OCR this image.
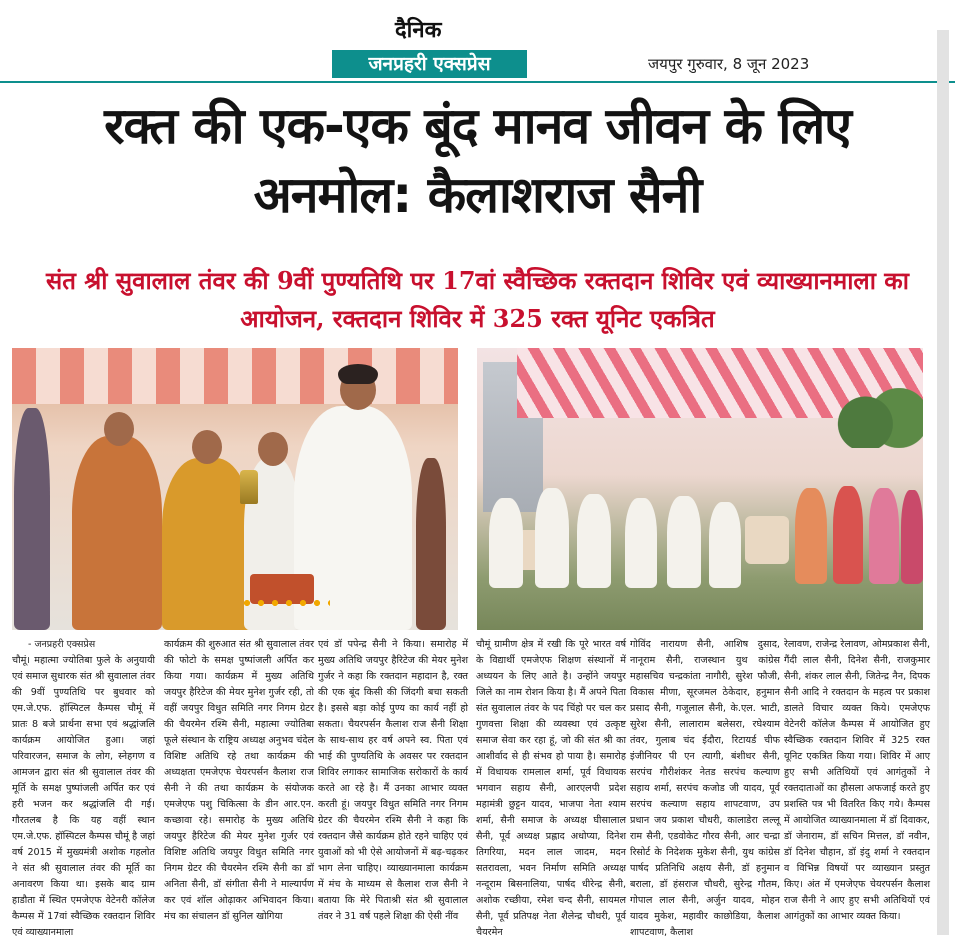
दैनिक
जनप्रहरी एक्सप्रेस	जयपुर गुरुवार, 8 जून 2023
रक्त की एक-एक बूंद मानव जीवन के लिए अनमोल: कैलाशराज सैनी
संत श्री सुवालाल तंवर की 9वीं पुण्यतिथि पर 17वां स्वैच्छिक रक्तदान शिविर एवं व्याख्यानमाला का आयोजन, रक्तदान शिविर में 325 रक्त यूनिट एकत्रित
- जनप्रहरी एक्सप्रेस
चौमूं। महात्मा ज्योतिबा फुले के अनुयायी एवं समाज सुधारक संत श्री सुवालाल तंवर की 9वीं पुण्यतिथि पर बुधवार को एम.जे.एफ. हॉस्पिटल कैम्पस चौमूं में प्रातः 8 बजे प्रार्थना सभा एवं श्रद्धांजलि कार्यक्रम आयोजित हुआ। जहां परिवारजन, समाज के लोग, स्नेहगण व आमजन द्वारा संत श्री सुवालाल तंवर की मूर्ति के समक्ष पुष्पांजली अर्पित कर एवं हरी भजन कर श्रद्धांजलि दी गई। गौरतलब है कि यह वहीं स्थान एम.जे.एफ. हॉस्पिटल कैम्पस चौमूं है जहां वर्ष 2015 में मुख्यमंत्री अशोक गहलोत ने संत श्री सुवालाल तंवर की मूर्ति का अनावरण किया था। इसके बाद ग्राम हाडौता में स्थित एमजेएफ वेटेनरी कॉलेज कैम्पस में 17वां स्वैच्छिक रक्तदान शिविर एवं व्याख्यानमाला
कार्यक्रम की शुरुआत संत श्री सुवालाल तंवर की फोटो के समक्ष पुष्पांजली अर्पित कर किया गया। कार्यक्रम में मुख्य अतिथि जयपुर हैरिटेज की मेयर मुनेश गुर्जर रही, तो वहीं जयपुर विधुत समिति नगर निगम ग्रेटर की चैयरमेन रश्मि सैनी, महात्मा ज्योतिबा फूले संस्थान के राष्ट्रिय अध्यक्ष अनुभव चंदेल विशिष्ट अतिथि रहे तथा कार्यक्रम की अध्यक्षता एमजेएफ चेयरपर्सन कैलाश राज सैनी ने की तथा कार्यक्रम के संयोजक एमजेएफ पशु चिकित्सा के डीन आर.एन. कच्छावा रहे। समारोह के मुख्य अतिथि जयपुर हैरिटेज की मेयर मुनेश गुर्जर एवं विशिष्ट अतिथि जयपुर विधुत समिति नगर निगम ग्रेटर की चैयरमेन रश्मि सैनी का डॉ अनिता सैनी, डॉ संगीता सैनी ने माल्यार्पण कर एवं शॉल ओढ़ाकर अभिवादन किया। मंच का संचालन डॉ सुनिल खोगिया
एवं डॉ पपेन्द्र सैनी ने किया। समारोह में मुख्य अतिथि जयपुर हैरिटेज की मेयर मुनेश गुर्जर ने कहा कि रक्तदान महादान है, रक्त की एक बूंद किसी की जिंदगी बचा सकती है। इससे बड़ा कोई पुण्य का कार्य नहीं हो सकता। चैयरपर्सन कैलाश राज सैनी शिक्षा के साथ-साथ हर वर्ष अपने स्व. पिता एवं भाई की पुण्यतिथि के अवसर पर रक्तदान शिविर लगाकर सामाजिक सरोकारों के कार्य करते आ रहे है। मैं उनका आभार व्यक्त करती हूं। जयपुर विधुत समिति नगर निगम ग्रेटर की चैयरमेन रश्मि सैनी ने कहा कि रक्तदान जैसे कार्यक्रम होते रहने चाहिए एवं युवाओं को भी ऐसे आयोजनों में बढ़-चढ़कर भाग लेना चाहिए। व्याख्यानमाला कार्यक्रम में मंच के माध्यम से कैलाश राज सैनी ने बताया कि मेरे पिताश्री संत श्री सुवालाल तंवर ने 31 वर्ष पहले शिक्षा की ऐसी नींव
चौमूं ग्रामीण क्षेत्र में रखी कि पूरे भारत वर्ष के विद्यार्थी एमजेएफ शिक्षण संस्थानों में अध्ययन के लिए आते है। उन्होंने जयपुर जिले का नाम रोशन किया है। मैं अपने पिता संत सुवालाल तंवर के पद चिंहो पर चल कर गुणवत्ता शिक्षा की व्यवस्था एवं उत्कृष्ट समाज सेवा कर रहा हूं, जो की संत श्री का आशीर्वाद से ही संभव हो पाया है। समारोह में विधायक रामलाल शर्मा, पूर्व विधायक भगवान सहाय सैनी, आरएलपी प्रदेश महामंत्री छुट्टन यादव, भाजपा नेता श्याम शर्मा, सैनी समाज के अध्यक्ष घीसालाल सैनी, पूर्व अध्यक्ष प्रह्लाद अधोप्या, दिनेश तिगरिया, मदन लाल जादम, मदन सतरावला, भवन निर्माण समिति अध्यक्ष नन्दूराम बिसनालिया, पार्षद धीरेन्द्र सैनी, अशोक रच्छीया, रमेश चन्द सैनी, सायमल सैनी, पूर्व प्रतिपक्ष नेता शैलेन्द्र चौधरी, पूर्व चैयरमेन
गोविंद नारायण सैनी, आशिष दुसाद, नानूराम सैनी, राजस्थान युथ कांग्रेस महासचिव चन्द्रकांता नागौरी, सुरेश फौजी, विकास मीणा, सूरजमल ठेकेदार, हनुमान प्रसाद सैनी, गजूलाल सैनी, के.एल. भाटी, सुरेश सैनी, लालाराम बलेसरा, रघेश्याम तंवर, गुलाब चंद ईदौरा, रिटायर्ड चीफ इंजीनियर पी एन त्यागी, बंशीधर सैनी, सरपंच गौरीशंकर नेतड सरपंच कल्याण सहाय शर्मा, सरपंच कजोड जी यादव, पूर्व सरपंच कल्याण सहाय शापटवाण, उप प्रधान जय प्रकाश चौधरी, कालाडेरा लल्लू राम सैनी, एडवोकेट गौरव सैनी, आर चन्द्रा रिसोर्ट के निदेशक मुकेश सैनी, युथ कांग्रेस पार्षद प्रतिनिधि अक्षय सैनी, डॉ हनुमान बराला, डॉ हंसराज चौधरी, सुरेन्द्र गौतम, गोपाल लाल सैनी, अर्जुन यादव, मोहन यादव मुकेश, महावीर काछोडिया, कैलाश शापटवाण, कैलाश
रेलावण, राजेन्द्र रेलावण, ओमप्रकाश सैनी, गैंदी लाल सैनी, दिनेश सैनी, राजकुमार सैनी, शंकर लाल सैनी, जितेन्द्र नैन, दिपक सैनी आदि ने रक्तदान के महत्व पर प्रकाश डालते विचार व्यक्त किये। एमजेएफ वेटेनरी कॉलेज कैम्पस में आयोजित हुए स्वैच्छिक रक्तदान शिविर में 325 रक्त यूनिट एकत्रित किया गया। शिविर में आए हुए सभी अतिथियों एवं आगंतुकों ने रक्तदाताओं का हौसला अफजाई करते हुए प्रशस्ति पत्र भी वितरित किए गये। कैम्पस में आयोजित व्याख्यानमाला में डॉ दिवाकर, डॉ जेनाराम, डॉ सचिन मित्तल, डॉ नवीन, डॉ दिनेश चौहान, डॉ इंदु शर्मा ने रक्तदान व विभिन्न विषयों पर व्याख्यान प्रस्तुत किए। अंत में एमजेएफ चेयरपर्सन कैलाश राज सैनी ने आए हुए सभी अतिथियों एवं आगंतुकों का आभार व्यक्त किया।
